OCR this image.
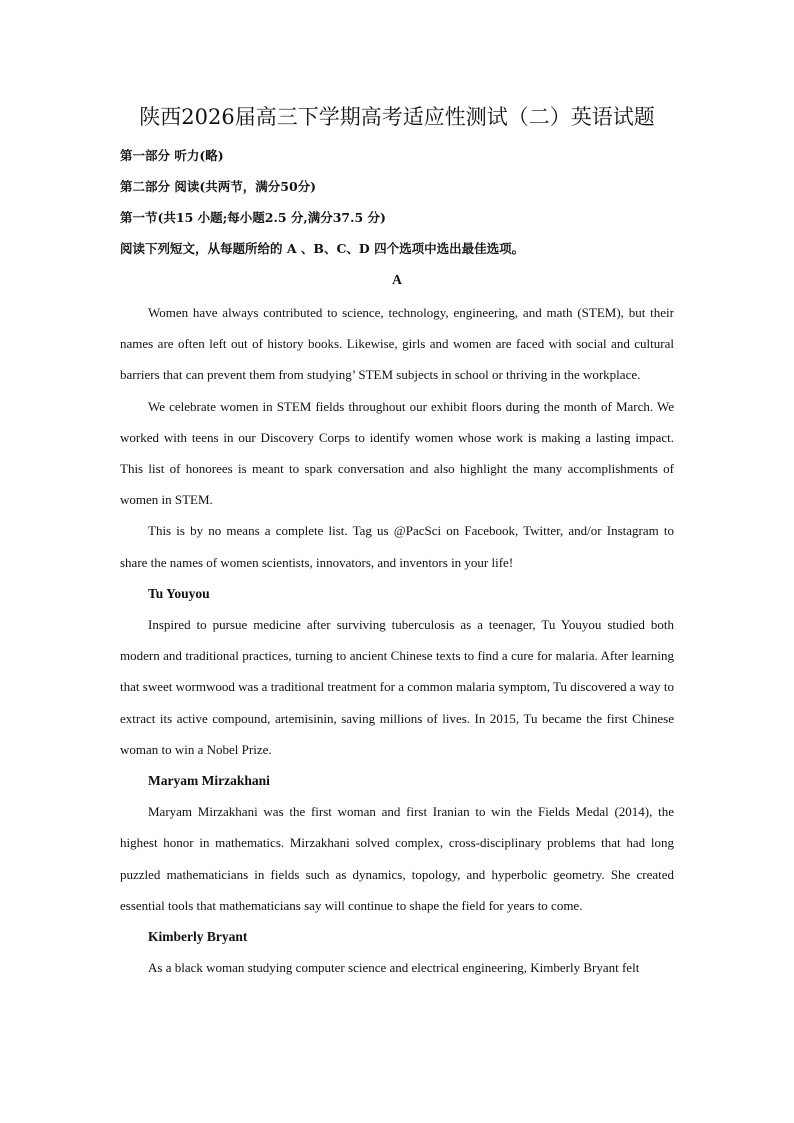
陕西2026届高三下学期高考适应性测试（二）英语试题
第一部分 听力(略)
第二部分 阅读(共两节，满分50分)
第一节(共15 小题;每小题2.5 分,满分37.5 分)
阅读下列短文，从每题所给的 A 、B、C、D 四个选项中选出最佳选项。
A

Women have always contributed to science, technology, engineering, and math (STEM), but their names are often left out of history books. Likewise, girls and women are faced with social and cultural barriers that can prevent them from studying’ STEM subjects in school or thriving in the workplace.

We celebrate women in STEM fields throughout our exhibit floors during the month of March. We worked with teens in our Discovery Corps to identify women whose work is making a lasting impact. This list of honorees is meant to spark conversation and also highlight the many accomplishments of women in STEM.

This is by no means a complete list. Tag us @PacSci on Facebook, Twitter, and/or Instagram to share the names of women scientists, innovators, and inventors in your life!

Tu Youyou

Inspired to pursue medicine after surviving tuberculosis as a teenager, Tu Youyou studied both modern and traditional practices, turning to ancient Chinese texts to find a cure for malaria. After learning that sweet wormwood was a traditional treatment for a common malaria symptom, Tu discovered a way to extract its active compound, artemisinin, saving millions of lives. In 2015, Tu became the first Chinese woman to win a Nobel Prize.

Maryam Mirzakhani

Maryam Mirzakhani was the first woman and first Iranian to win the Fields Medal (2014), the highest honor in mathematics. Mirzakhani solved complex, cross-disciplinary problems that had long puzzled mathematicians in fields such as dynamics, topology, and hyperbolic geometry. She created essential tools that mathematicians say will continue to shape the field for years to come.

Kimberly Bryant

As a black woman studying computer science and electrical engineering, Kimberly Bryant felt
